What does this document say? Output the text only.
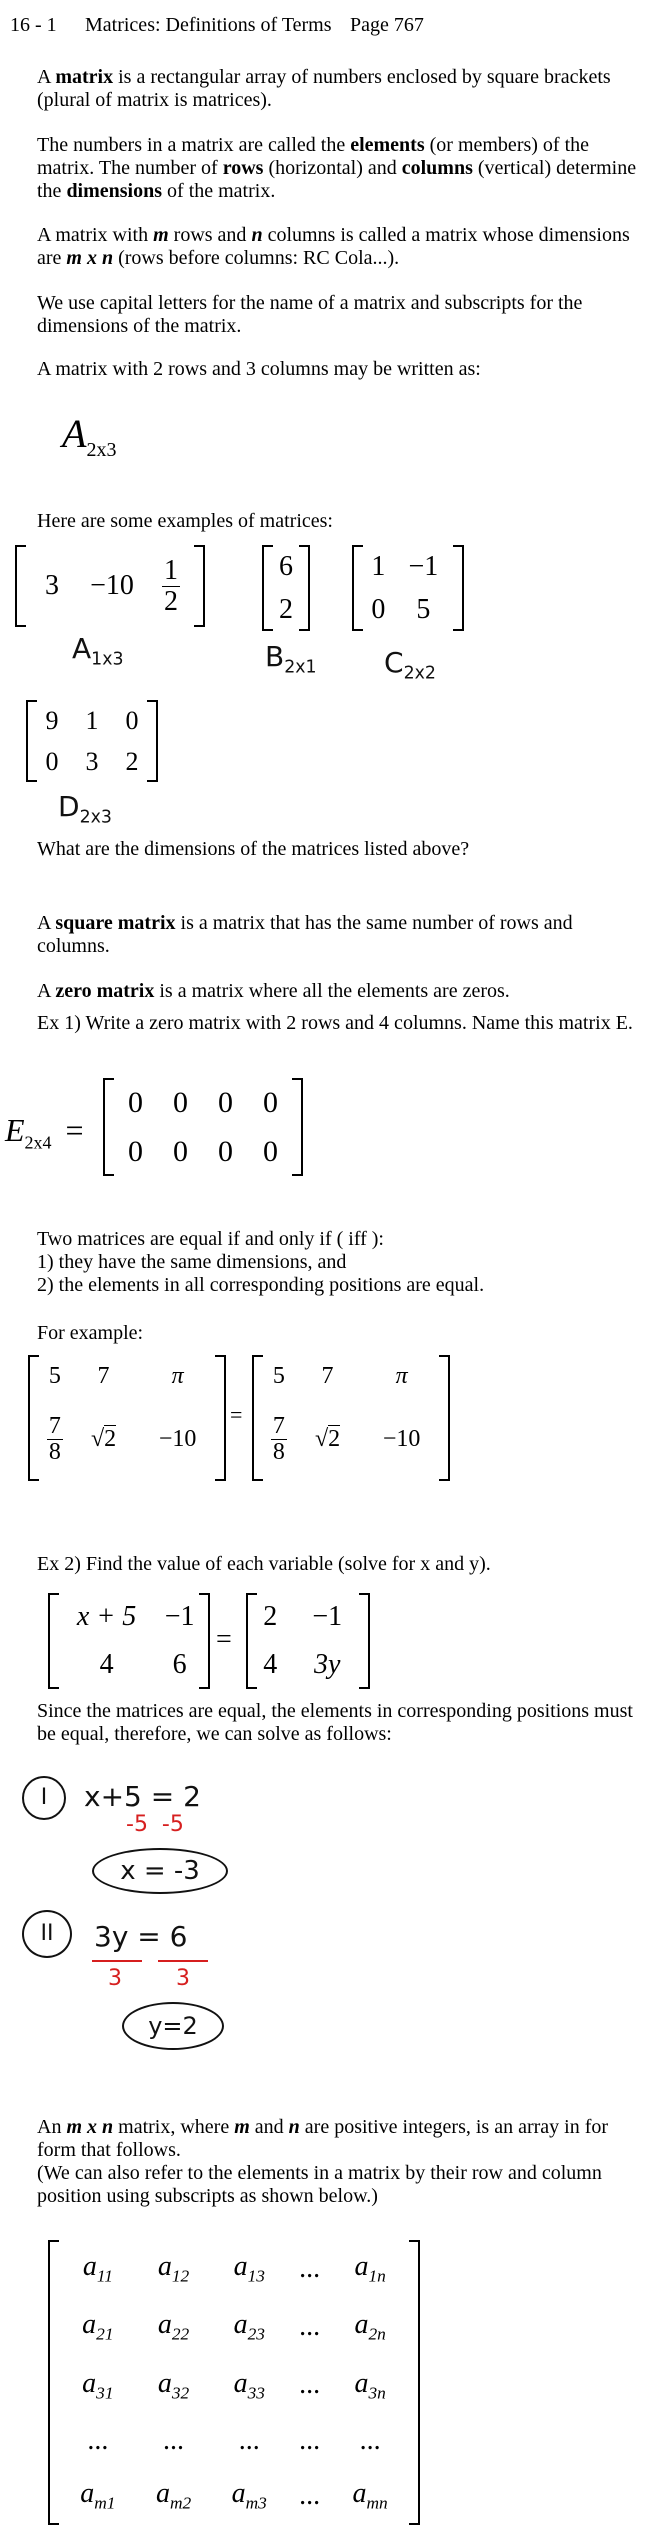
16 - 1 Matrices: Definitions of Terms Page 767

A matrix is a rectangular array of numbers enclosed by square brackets (plural of matrix is matrices).

The numbers in a matrix are called the elements (or members) of the matrix. The number of rows (horizontal) and columns (vertical) determine the dimensions of the matrix.

A matrix with m rows and n columns is called a matrix whose dimensions are m x n (rows before columns: RC Cola...).

We use capital letters for the name of a matrix and subscripts for the dimensions of the matrix.

A matrix with 2 rows and 3 columns may be written as:

$A_{2x3}$

Here are some examples of matrices:

3	−10	$\frac{1}{2}$
$A_{1x3}$
6
2
$B_{2x1}$
1	−1
0	5
$C_{2x2}$
9	1	0
0	3	2
$D_{2x3}$

What are the dimensions of the matrices listed above?

A square matrix is a matrix that has the same number of rows and columns.

A zero matrix is a matrix where all the elements are zeros.

Ex 1) Write a zero matrix with 2 rows and 4 columns. Name this matrix E.

$E_{2x4}$ =
0	0	0	0
0	0	0	0

Two matrices are equal if and only if ( iff ):

1) they have the same dimensions, and

2) the elements in all corresponding positions are equal.

For example:

5	7	π

$\frac{7}{8}$	√2	−10
=
5	7	π

$\frac{7}{8}$	√2	−10

Ex 2) Find the value of each variable (solve for x and y).

x + 5	−1
4	6
=
2	−1
4	3y

Since the matrices are equal, the elements in corresponding positions must be equal, therefore, we can solve as follows:

I	x+5 = 2
-5  -5
x = -3
II	3y = 6
3 3
y=2

An m x n matrix, where m and n are positive integers, is an array in for form that follows.

(We can also refer to the elements in a matrix by their row and column position using subscripts as shown below.)

$a_{11}$	$a_{12}$	$a_{13}$	...	$a_{1n}$
$a_{21}$	$a_{22}$	$a_{23}$	...	$a_{2n}$
$a_{31}$	$a_{32}$	$a_{33}$	...	$a_{3n}$
...	...	...	...	...
$a_{m1}$	$a_{m2}$	$a_{m3}$	...	$a_{mn}$
